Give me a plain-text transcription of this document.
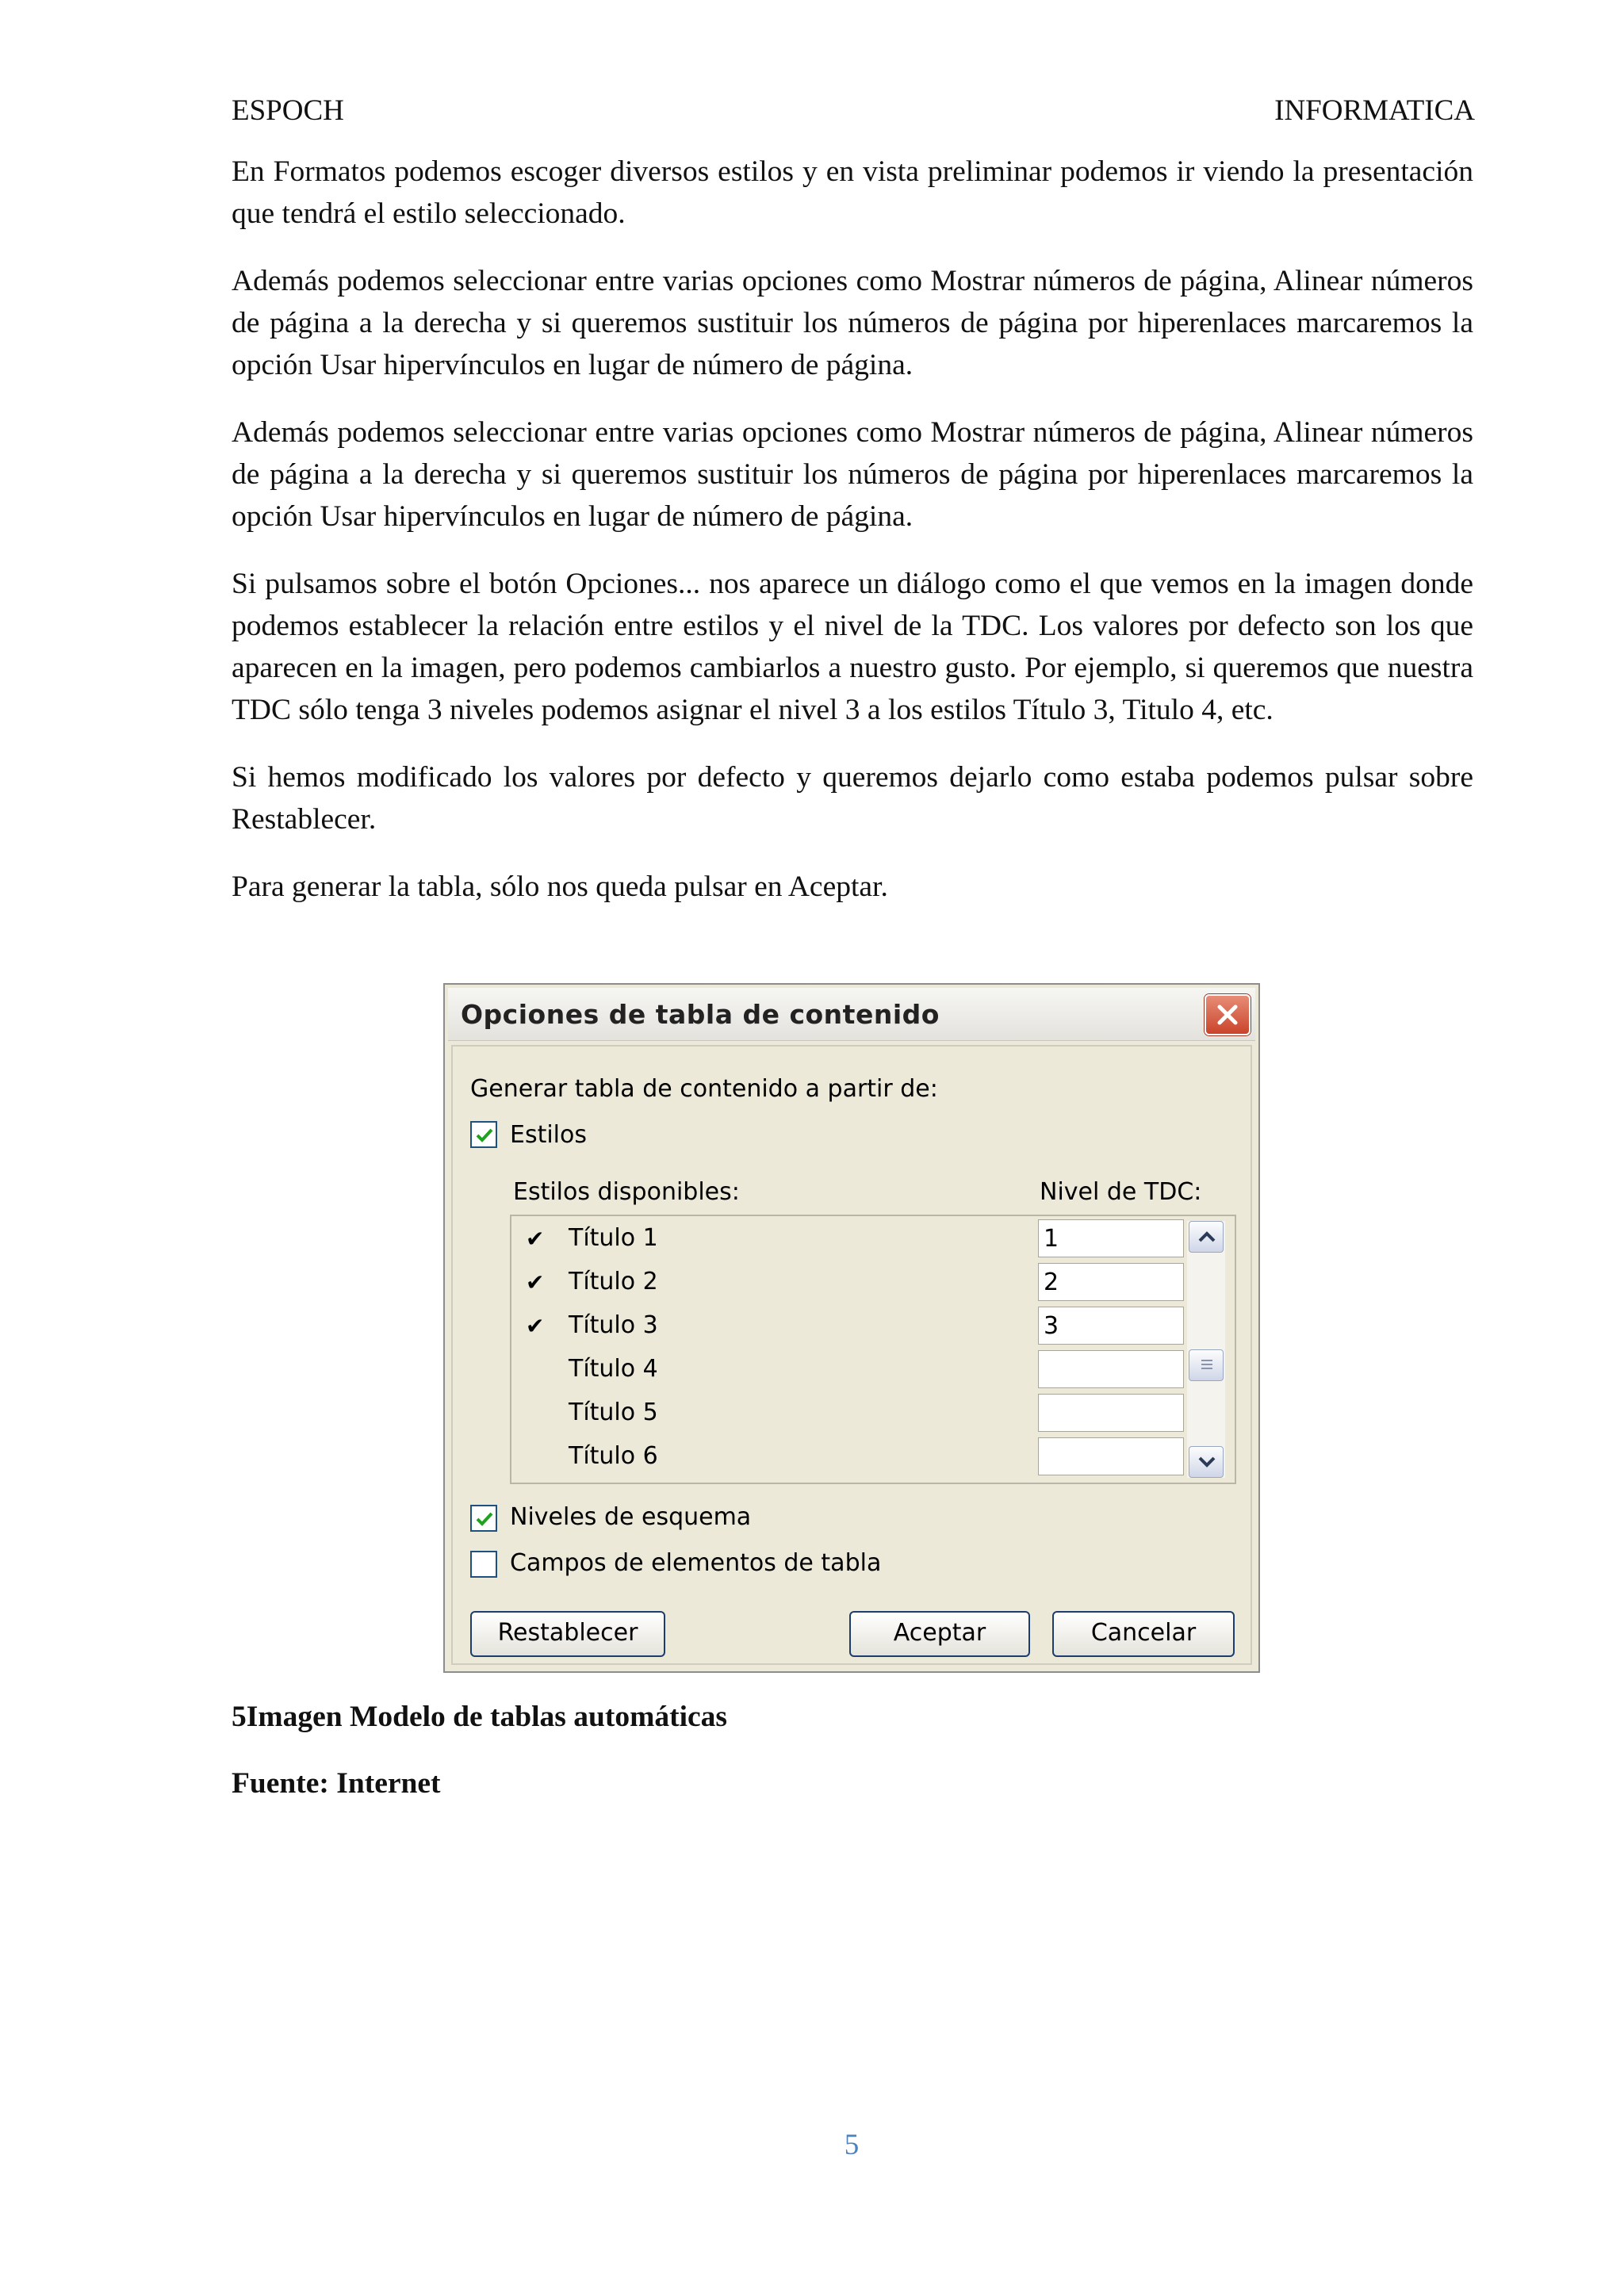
ESPOCH	INFORMATICA

En Formatos podemos escoger diversos estilos y en vista preliminar podemos ir viendo la presentación que tendrá el estilo seleccionado.

Además podemos seleccionar entre varias opciones como Mostrar números de página, Alinear números de página a la derecha y si queremos sustituir los números de página por hiperenlaces marcaremos la opción Usar hipervínculos en lugar de número de página.

Además podemos seleccionar entre varias opciones como Mostrar números de página, Alinear números de página a la derecha y si queremos sustituir los números de página por hiperenlaces marcaremos la opción Usar hipervínculos en lugar de número de página.

Si pulsamos sobre el botón Opciones... nos aparece un diálogo como el que vemos en la imagen donde podemos establecer la relación entre estilos y el nivel de la TDC. Los valores por defecto son los que aparecen en la imagen, pero podemos cambiarlos a nuestro gusto. Por ejemplo, si queremos que nuestra TDC sólo tenga 3 niveles podemos asignar el nivel 3 a los estilos Título 3, Titulo 4, etc.

Si hemos modificado los valores por defecto y queremos dejarlo como estaba podemos pulsar sobre Restablecer.

Para generar la tabla, sólo nos queda pulsar en Aceptar.

Opciones de tabla de contenido
Generar tabla de contenido a partir de:
Estilos
Estilos disponibles:	Nivel de TDC:
✔ Título 1	1
✔ Título 2	2
✔ Título 3	3
Título 4
Título 5
Título 6
Niveles de esquema
Campos de elementos de tabla
Restablecer	Aceptar	Cancelar
5Imagen Modelo de tablas automáticas
Fuente: Internet
5
